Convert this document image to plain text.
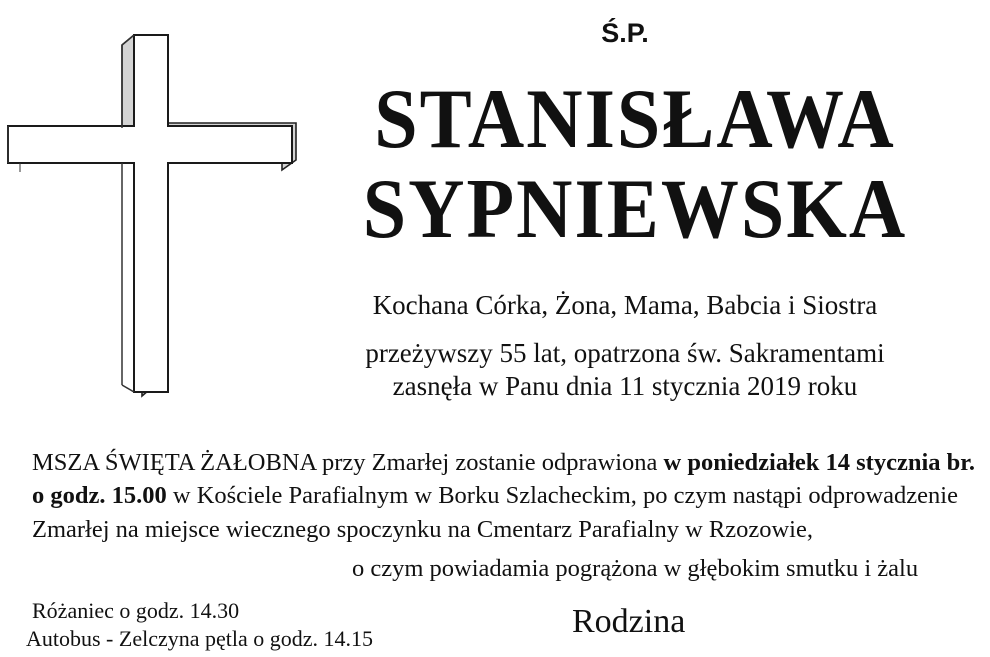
Ś.P.
STANISŁAWA
SYPNIEWSKA
Kochana Córka, Żona, Mama, Babcia i Siostra
przeżywszy 55 lat, opatrzona św. Sakramentami
zasnęła w Panu dnia 11 stycznia 2019 roku
MSZA ŚWIĘTA ŻAŁOBNA przy Zmarłej zostanie odprawiona w poniedziałek 14 stycznia br.
o godz. 15.00 w Kościele Parafialnym w Borku Szlacheckim, po czym nastąpi odprowadzenie
Zmarłej na miejsce wiecznego spoczynku na Cmentarz Parafialny w Rzozowie,
o czym powiadamia pogrążona w głębokim smutku i żalu
Różaniec o godz. 14.30
Autobus - Zelczyna pętla o godz. 14.15	Rodzina
